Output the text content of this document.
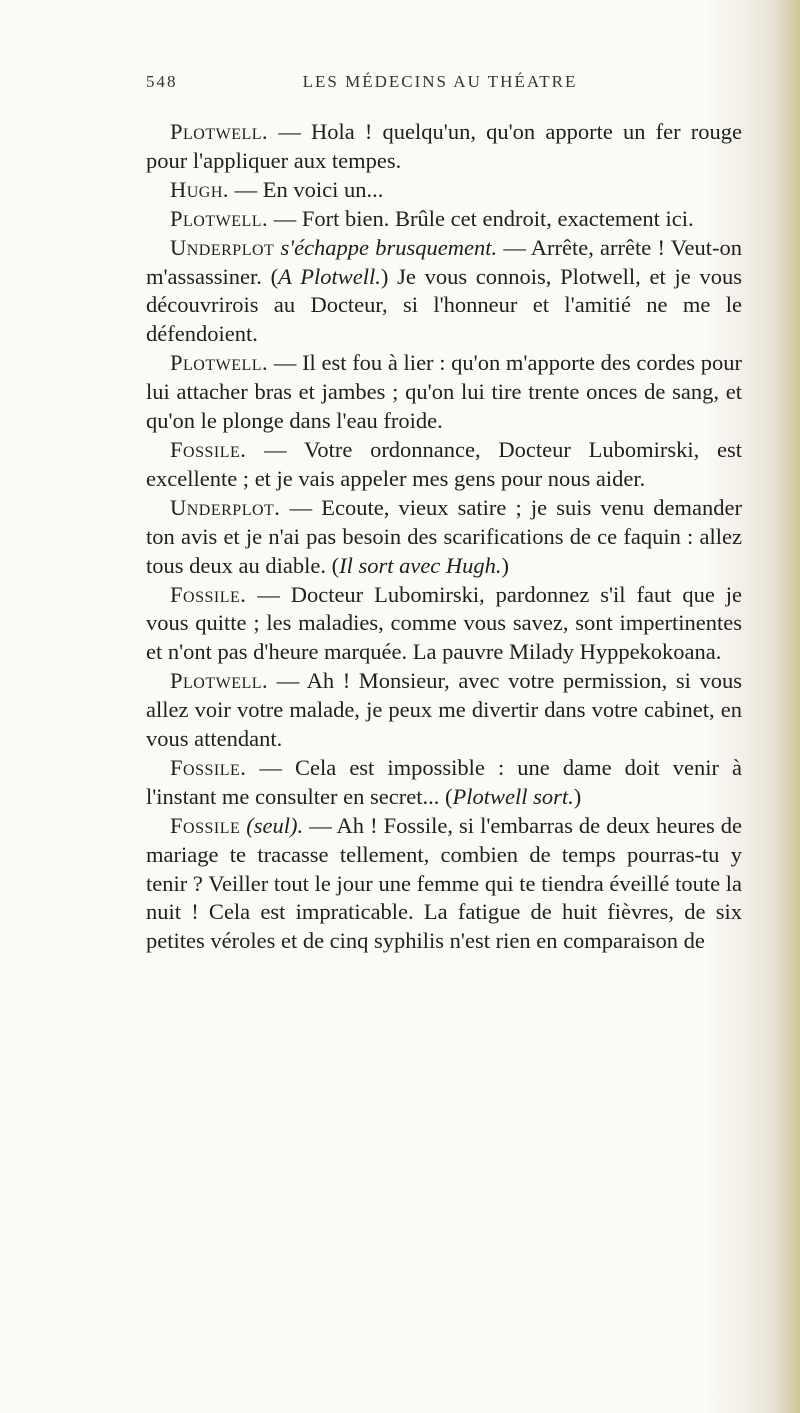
548	LES MÉDECINS AU THÉATRE

Plotwell. — Hola ! quelqu'un, qu'on apporte un fer rouge pour l'appliquer aux tempes.

Hugh. — En voici un...

Plotwell. — Fort bien. Brûle cet endroit, exactement ici.

Underplot s'échappe brusquement. — Arrête, arrête ! Veut-on m'assassiner. (A Plotwell.) Je vous connois, Plotwell, et je vous découvrirois au Docteur, si l'honneur et l'amitié ne me le défendoient.

Plotwell. — Il est fou à lier : qu'on m'apporte des cordes pour lui attacher bras et jambes ; qu'on lui tire trente onces de sang, et qu'on le plonge dans l'eau froide.

Fossile. — Votre ordonnance, Docteur Lubomirski, est excellente ; et je vais appeler mes gens pour nous aider.

Underplot. — Ecoute, vieux satire ; je suis venu demander ton avis et je n'ai pas besoin des scarifications de ce faquin : allez tous deux au diable. (Il sort avec Hugh.)

Fossile. — Docteur Lubomirski, pardonnez s'il faut que je vous quitte ; les maladies, comme vous savez, sont impertinentes et n'ont pas d'heure marquée. La pauvre Milady Hyppekokoana.

Plotwell. — Ah ! Monsieur, avec votre permission, si vous allez voir votre malade, je peux me divertir dans votre cabinet, en vous attendant.

Fossile. — Cela est impossible : une dame doit venir à l'instant me consulter en secret... (Plotwell sort.)

Fossile (seul). — Ah ! Fossile, si l'embarras de deux heures de mariage te tracasse tellement, combien de temps pourras-tu y tenir ? Veiller tout le jour une femme qui te tiendra éveillé toute la nuit ! Cela est impraticable. La fatigue de huit fièvres, de six petites véroles et de cinq syphilis n'est rien en comparaison de
